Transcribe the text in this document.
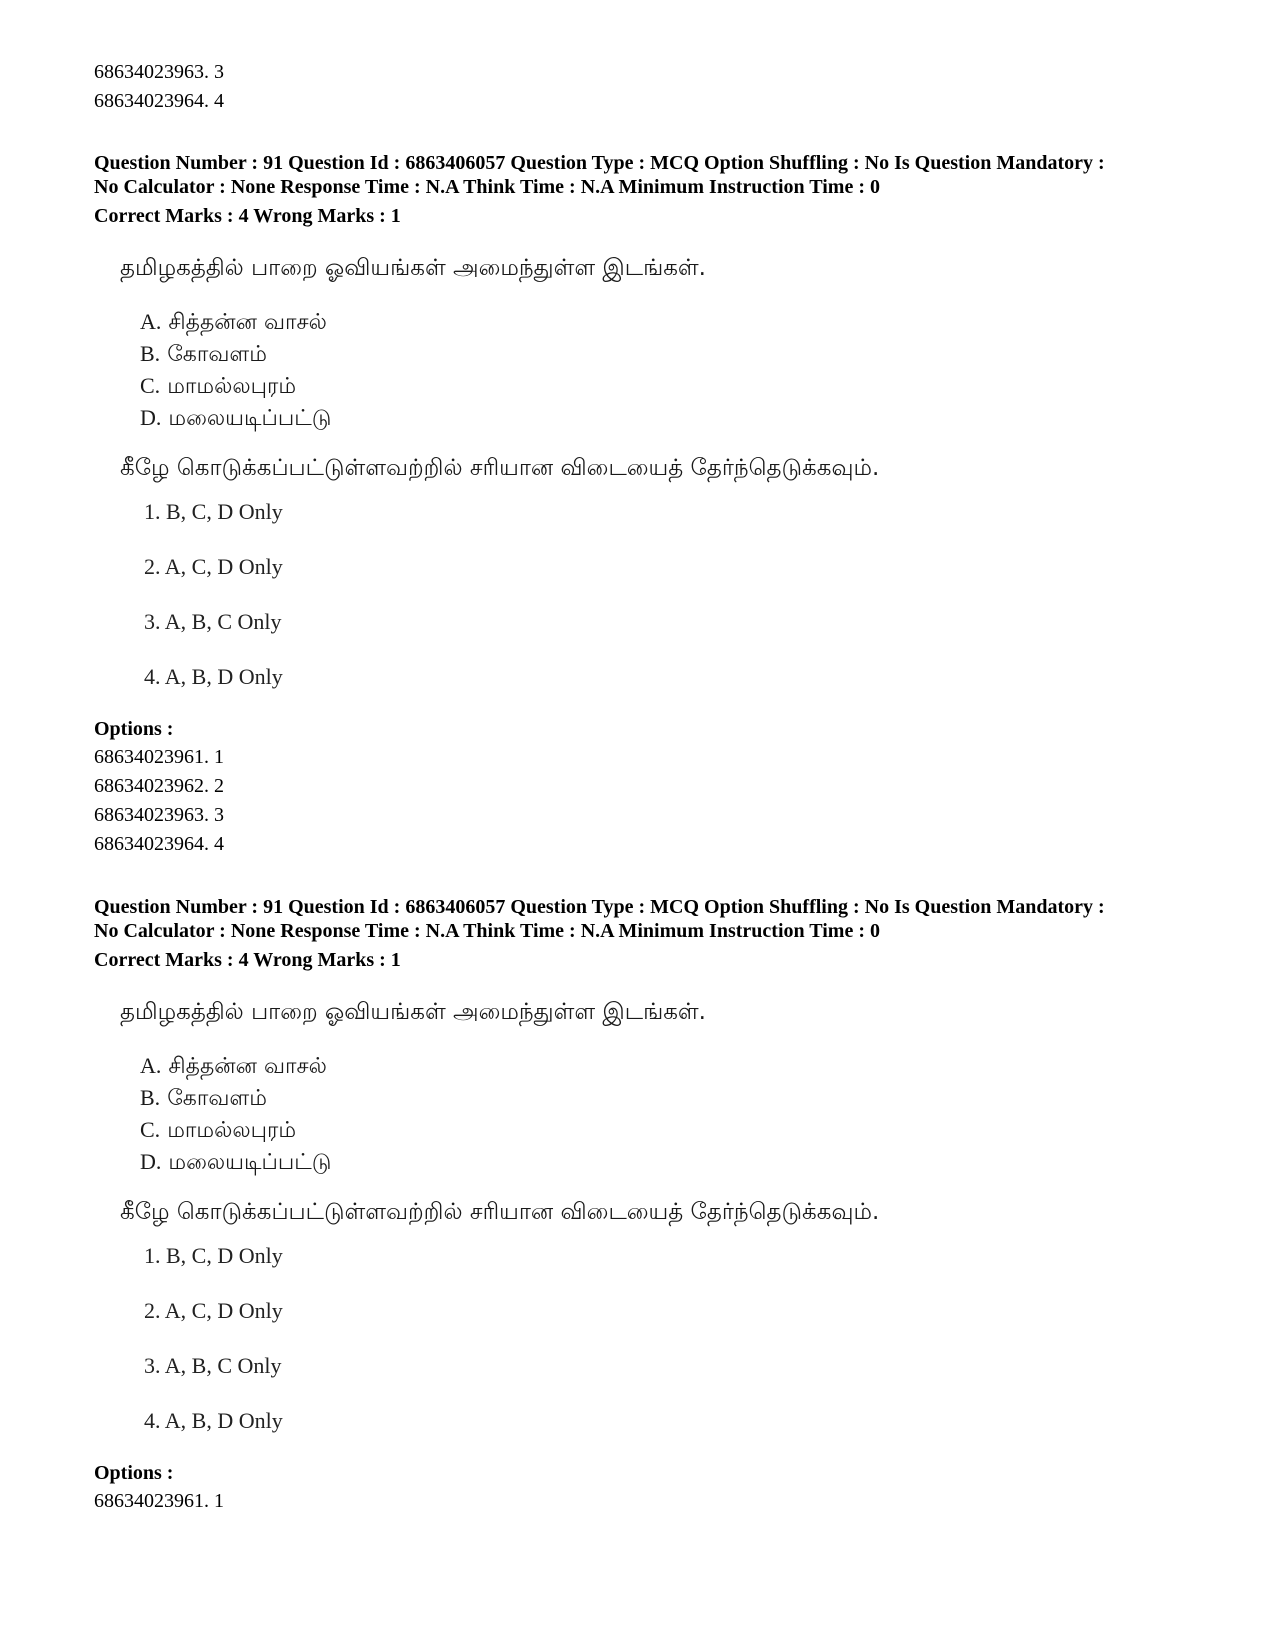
68634023963. 3
68634023964. 4
Question Number : 91 Question Id : 6863406057 Question Type : MCQ Option Shuffling : No Is Question Mandatory :
No Calculator : None Response Time : N.A Think Time : N.A Minimum Instruction Time : 0
Correct Marks : 4 Wrong Marks : 1
தமிழகத்தில் பாறை ஓவியங்கள் அமைந்துள்ள இடங்கள்.
A. சித்தன்ன வாசல்
B. கோவளம்
C. மாமல்லபுரம்
D. மலையடிப்பட்டு
கீழே கொடுக்கப்பட்டுள்ளவற்றில் சரியான விடையைத் தேர்ந்தெடுக்கவும்.
1. B, C, D Only
2. A, C, D Only
3. A, B, C Only
4. A, B, D Only
Options :
68634023961. 1
68634023962. 2
68634023963. 3
68634023964. 4
Question Number : 91 Question Id : 6863406057 Question Type : MCQ Option Shuffling : No Is Question Mandatory :
No Calculator : None Response Time : N.A Think Time : N.A Minimum Instruction Time : 0
Correct Marks : 4 Wrong Marks : 1
தமிழகத்தில் பாறை ஓவியங்கள் அமைந்துள்ள இடங்கள்.
A. சித்தன்ன வாசல்
B. கோவளம்
C. மாமல்லபுரம்
D. மலையடிப்பட்டு
கீழே கொடுக்கப்பட்டுள்ளவற்றில் சரியான விடையைத் தேர்ந்தெடுக்கவும்.
1. B, C, D Only
2. A, C, D Only
3. A, B, C Only
4. A, B, D Only
Options :
68634023961. 1
